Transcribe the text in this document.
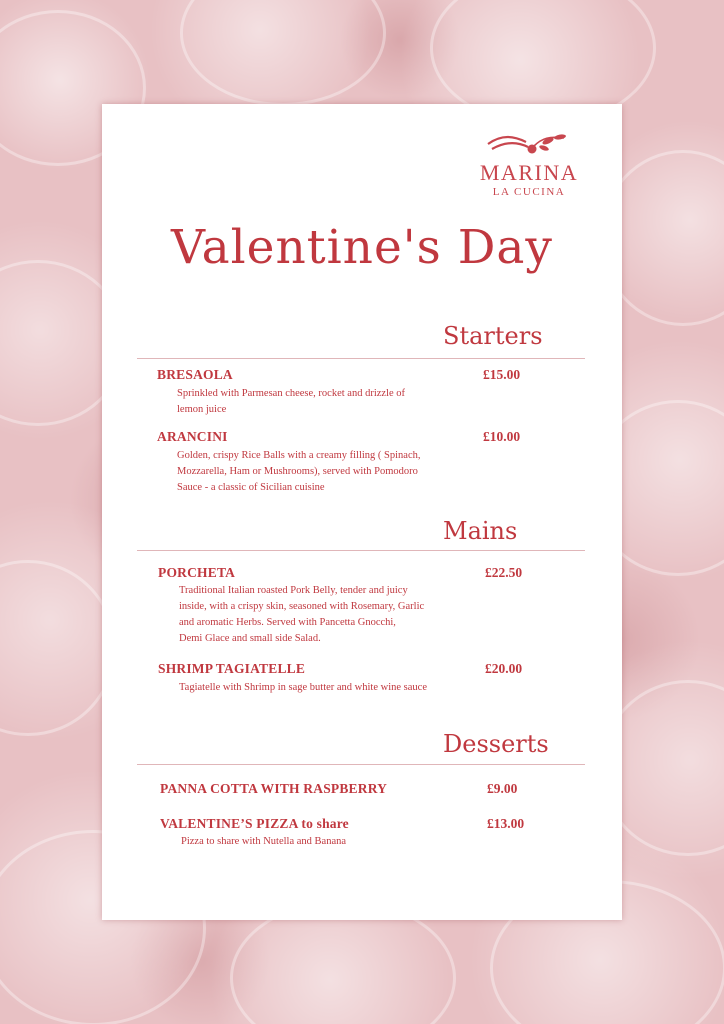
MARINA
LA CUCINA
Valentine's Day
Starters
BRESAOLA	£15.00
Sprinkled with Parmesan cheese, rocket and drizzle of
lemon juice
ARANCINI	£10.00
Golden, crispy Rice Balls with a creamy filling ( Spinach,
Mozzarella, Ham or Mushrooms), served with Pomodoro
Sauce - a classic of Sicilian cuisine
Mains
PORCHETA	£22.50
Traditional Italian roasted Pork Belly, tender and juicy
inside, with a crispy skin, seasoned with Rosemary, Garlic
and aromatic Herbs. Served with Pancetta Gnocchi,
Demi Glace and small side Salad.
SHRIMP TAGIATELLE	£20.00
Tagiatelle with Shrimp in sage butter and white wine sauce
Desserts
PANNA COTTA WITH RASPBERRY	£9.00
VALENTINE’S PIZZA to share	£13.00
Pizza to share with Nutella and Banana
